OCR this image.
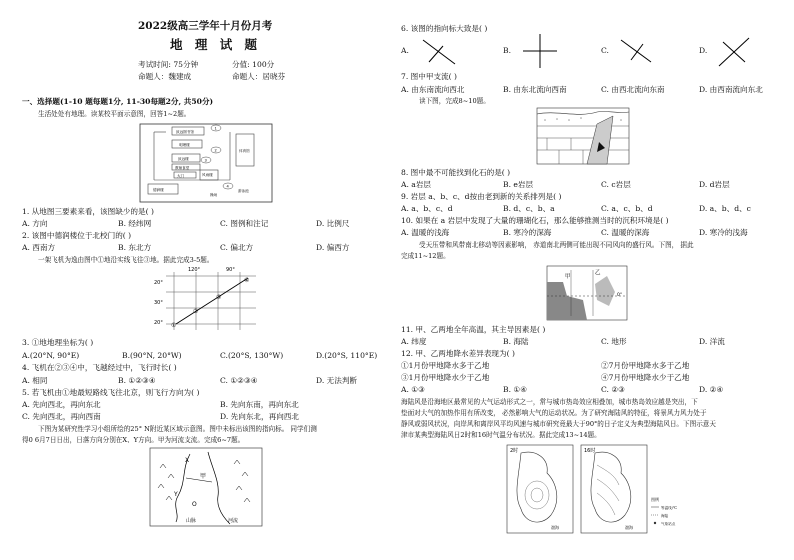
2022级高三学年十月份月考
地 理 试 题
考试时间: 75分钟	分值: 100分
命题人：魏建成	命题人：居晓芬
一、选择题(1-10 题每题1分, 11-30每题2分, 共50分)
生活处处有地理。读某校平面示意图，回答1~2题。
致远图书馆
明理楼
致远楼
教师食堂
大门	风雨楼
体育馆
德润楼
1
2
3
4
操场
游泳池
1. 从地图三要素来看，该图缺少的是( )
A. 方向	B. 经纬网	C. 图例和注记	D. 比例尺
2. 该图中德润楼位于北校门的( )
A. 西南方	B. 东北方	C. 偏北方	D. 偏西方
一架飞机为逸由图中①地沿实线飞往③地。据此完成3-5题。
120°	90°
20°
30°
20° ①
②
③
④
3. ①地地理坐标为( )
A.(20°N, 90°E)	B.(90°N, 20°W)	C.(20°S, 130°W)	D.(20°S, 110°E)
4. 飞机在②③④中，飞越经过中，飞行时长( )
A. 相同	B. ①②③④	C. ①②③④	D. 无法判断
5. 若飞机由①地最短路线飞往北京，则飞行方向为( )
A. 先向西北，再向东北	B. 先向东南，再向东北
C. 先向西北，再向西南	D. 先向东北，再向西北
下图为某研究性学习小组所绘的25° N附近某区域示意图。图中未标出该图的指向标。 同学们测
得0 6月7日日出，日落方向分别在X、Y方向。甲为河流支流。完成6~7题。
X
Y
甲
O
山脉	河流
6. 该图的指向标大致是( )
A.	B.	C.	D.
7. 图中甲支流( )
A. 由东南流向西北	B. 由东北流向西南	C. 由西北流向东南	D. 由西南流向东北
读下图，完成8~10题。
8. 图中最不可能找到化石的是( )
A. a岩层	B. e岩层	C. c岩层	D. d岩层
9. 岩层 a、b、c、d按由老到新的关系排列是( )
A. a、b、c、d	B. d、c、b、a	C. a、c、b、d	D. a、b、d、c
10. 如果在 a 岩层中发现了大量的珊瑚化石，那么能够推测当时的沉积环境是( )
A. 温暖的浅海	B. 寒冷的深海	C. 温暖的深海	D. 寒冷的浅海
受天压带和风带南北移动等因素影响， 赤道南北两侧可能出现不同风向的盛行风。下图， 据此
完成11~12题。
甲
乙
0°
11. 甲、乙两地全年高温，其主导因素是( )
A. 纬度	B. 海陆	C. 地形	D. 洋流
12. 甲、乙两地降水差异表现为( )
①1月份甲地降水多于乙地	②7月份甲地降水多于乙地
③1月份甲地降水少于乙地	④7月份甲地降水少于乙地
A. ①③	B. ①④	C. ②③	D. ②④
海陆风是沿海地区最常见的大气运动形式之一，常与城市热岛效应相叠加，城市热岛效应越是突出，下
垫面对大气的加热作用有所改变， 必然影响大气的运动状况。为了研究海陆风的特征，将景风力风力处于
静风或弱风状况，向岸风和离岸风平均风速与城市研究竟最大于90°的日子定义为典型海陆风日。下图示意天
津市某典型海陆风日2时和16时气温分布状况。据此完成13~14题。
2时
渤海
16时
渤海
图例
等温线/℃
海陆
气象站点
